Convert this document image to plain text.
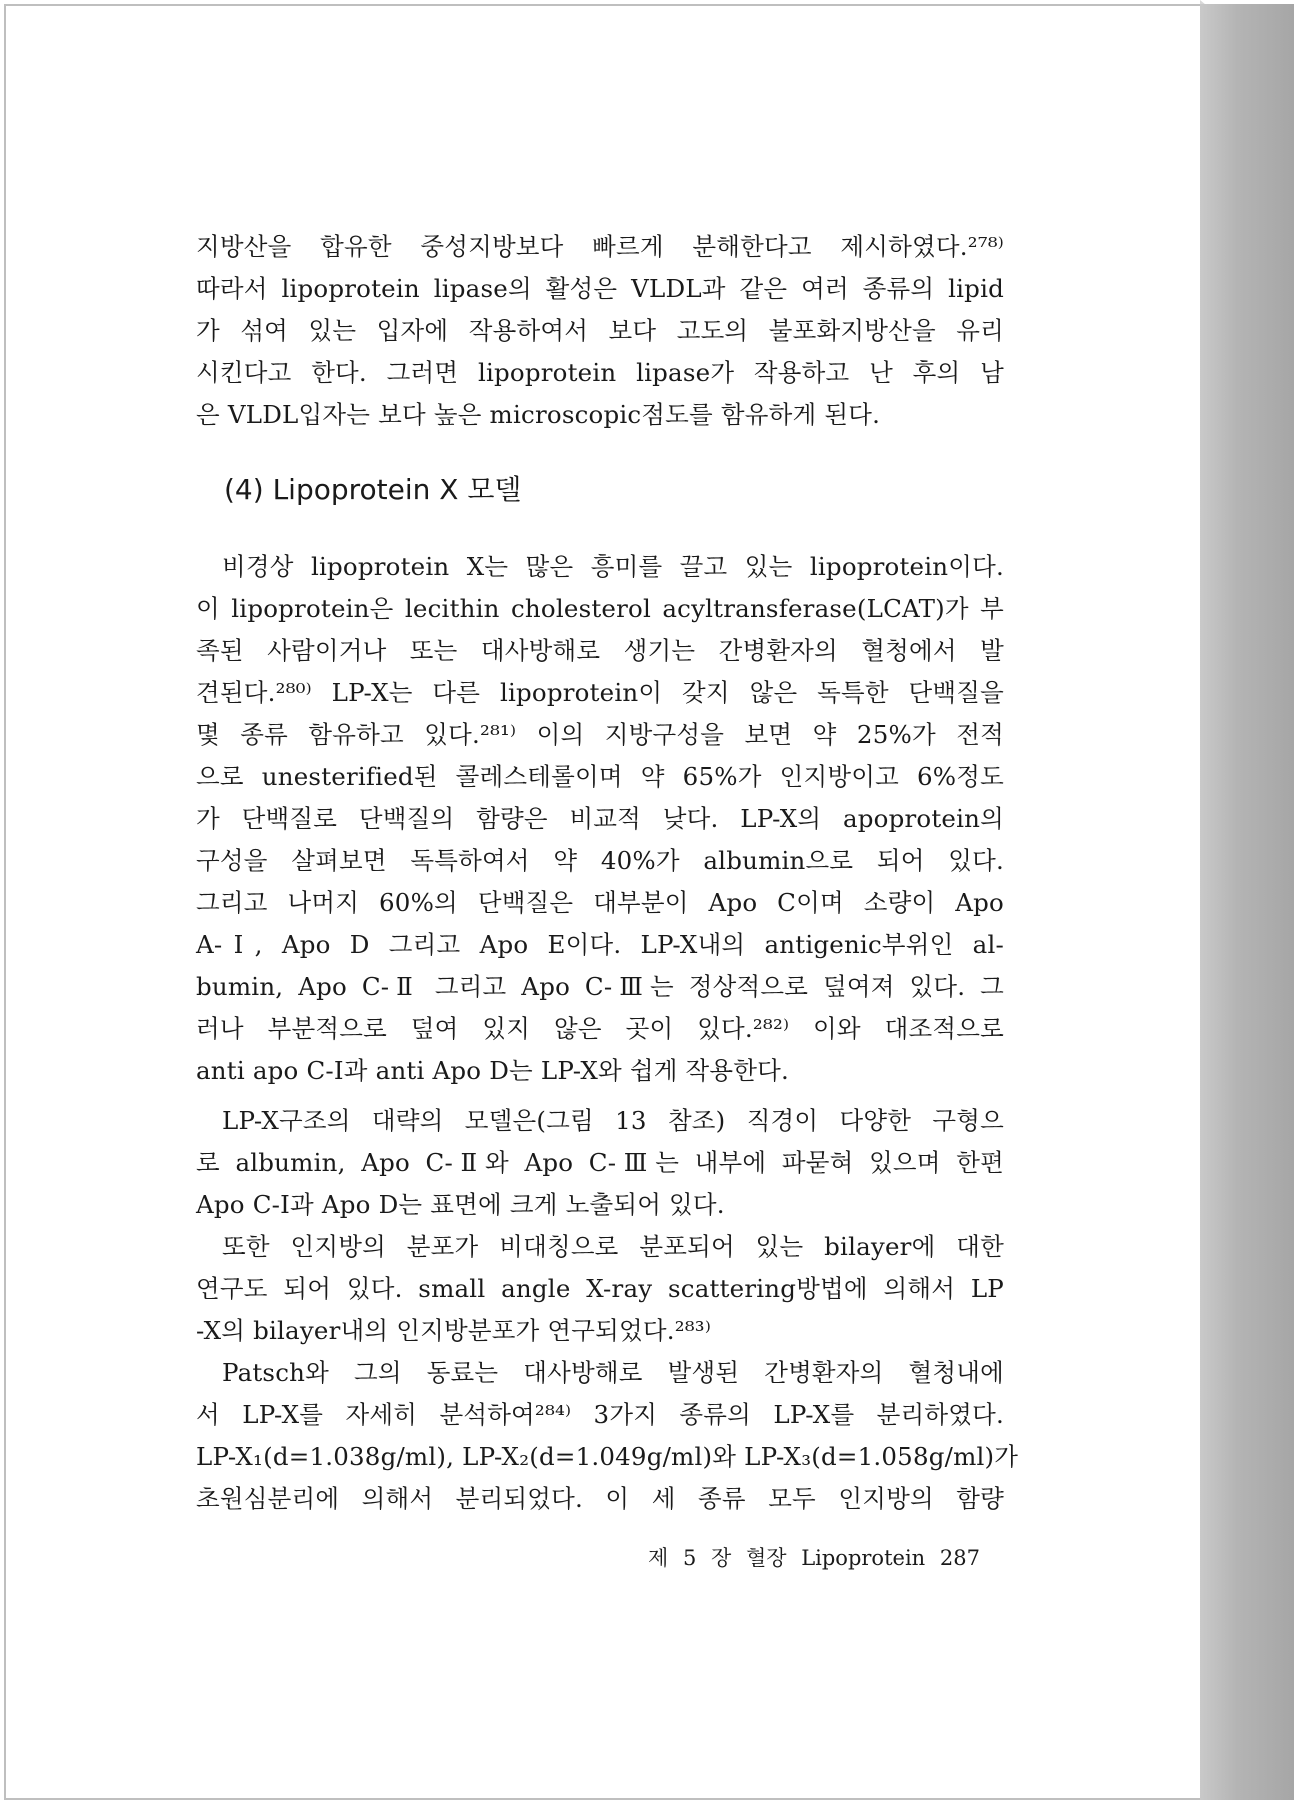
지방산을 합유한 중성지방보다 빠르게 분해한다고 제시하였다.²⁷⁸⁾
따라서 lipoprotein lipase의 활성은 VLDL과 같은 여러 종류의 lipid
가 섞여 있는 입자에 작용하여서 보다 고도의 불포화지방산을 유리
시킨다고 한다. 그러면 lipoprotein lipase가 작용하고 난 후의 남
은 VLDL입자는 보다 높은 microscopic점도를 함유하게 된다.
(4) Lipoprotein X 모델
비경상 lipoprotein X는 많은 흥미를 끌고 있는 lipoprotein이다.
이 lipoprotein은 lecithin cholesterol acyltransferase(LCAT)가 부
족된 사람이거나 또는 대사방해로 생기는 간병환자의 혈청에서 발
견된다.²⁸⁰⁾ LP-X는 다른 lipoprotein이 갖지 않은 독특한 단백질을
몇 종류 함유하고 있다.²⁸¹⁾ 이의 지방구성을 보면 약 25%가 전적
으로 unesterified된 콜레스테롤이며 약 65%가 인지방이고 6%정도
가 단백질로 단백질의 함량은 비교적 낮다. LP-X의 apoprotein의
구성을 살펴보면 독특하여서 약 40%가 albumin으로 되어 있다.
그리고 나머지 60%의 단백질은 대부분이 Apo C이며 소량이 Apo
A-Ⅰ, Apo D 그리고 Apo E이다. LP-X내의 antigenic부위인 al-
bumin, Apo C-Ⅱ 그리고 Apo C-Ⅲ는 정상적으로 덮여져 있다. 그
러나 부분적으로 덮여 있지 않은 곳이 있다.²⁸²⁾ 이와 대조적으로
anti apo C-Ⅰ과 anti Apo D는 LP-X와 쉽게 작용한다.
LP-X구조의 대략의 모델은(그림 13 참조) 직경이 다양한 구형으
로 albumin, Apo C-Ⅱ와 Apo C-Ⅲ는 내부에 파묻혀 있으며 한편
Apo C-Ⅰ과 Apo D는 표면에 크게 노출되어 있다.
또한 인지방의 분포가 비대칭으로 분포되어 있는 bilayer에 대한
연구도 되어 있다. small angle X-ray scattering방법에 의해서 LP
-X의 bilayer내의 인지방분포가 연구되었다.²⁸³⁾
Patsch와 그의 동료는 대사방해로 발생된 간병환자의 혈청내에
서 LP-X를 자세히 분석하여²⁸⁴⁾ 3가지 종류의 LP-X를 분리하였다.
LP-X₁(d=1.038g/ml), LP-X₂(d=1.049g/ml)와 LP-X₃(d=1.058g/ml)가
초원심분리에 의해서 분리되었다. 이 세 종류 모두 인지방의 함량
제 5 장 혈장 Lipoprotein 287
